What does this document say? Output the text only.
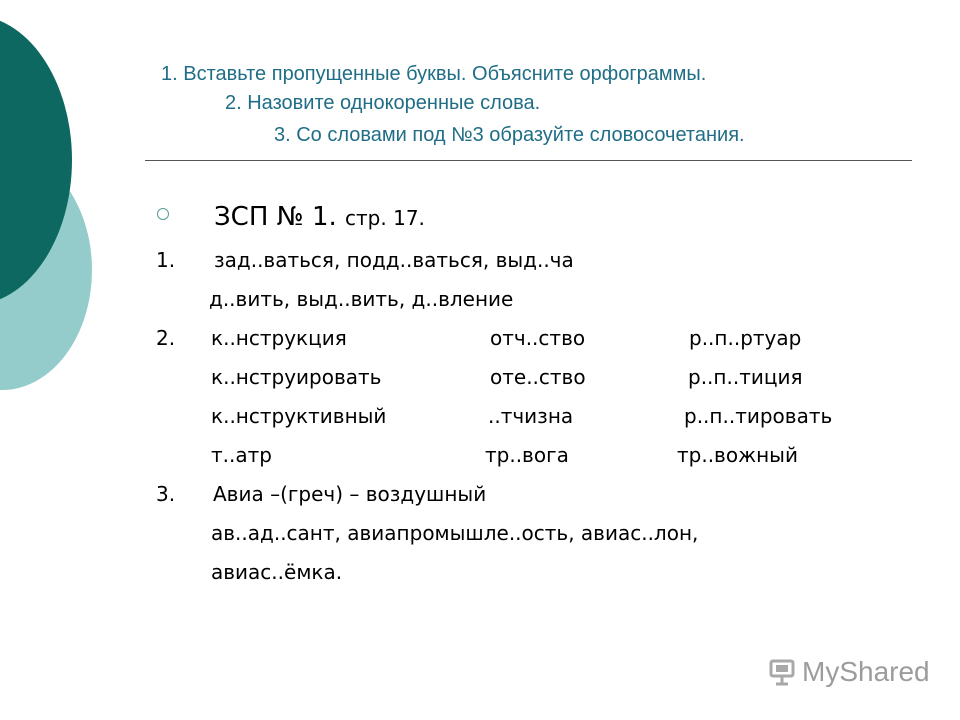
1. Вставьте пропущенные буквы. Объясните орфограммы.
2. Назовите однокоренные слова.
3. Со словами под №3 образуйте словосочетания.
ЗСП № 1. стр. 17.
1. зад..ваться, подд..ваться, выд..ча
д..вить, выд..вить, д..вление
2. к..нструкция
к..нструировать
к..нструктивный
т..атр
отч..ство
оте..ство
..тчизна
тр..вога
р..п..ртуар
р..п..тиция
р..п..тировать
тр..вожный
3. Авиа –(греч) – воздушный
ав..ад..сант, авиапромышле..ость, авиас..лон,
авиас..ёмка.
MyShared
